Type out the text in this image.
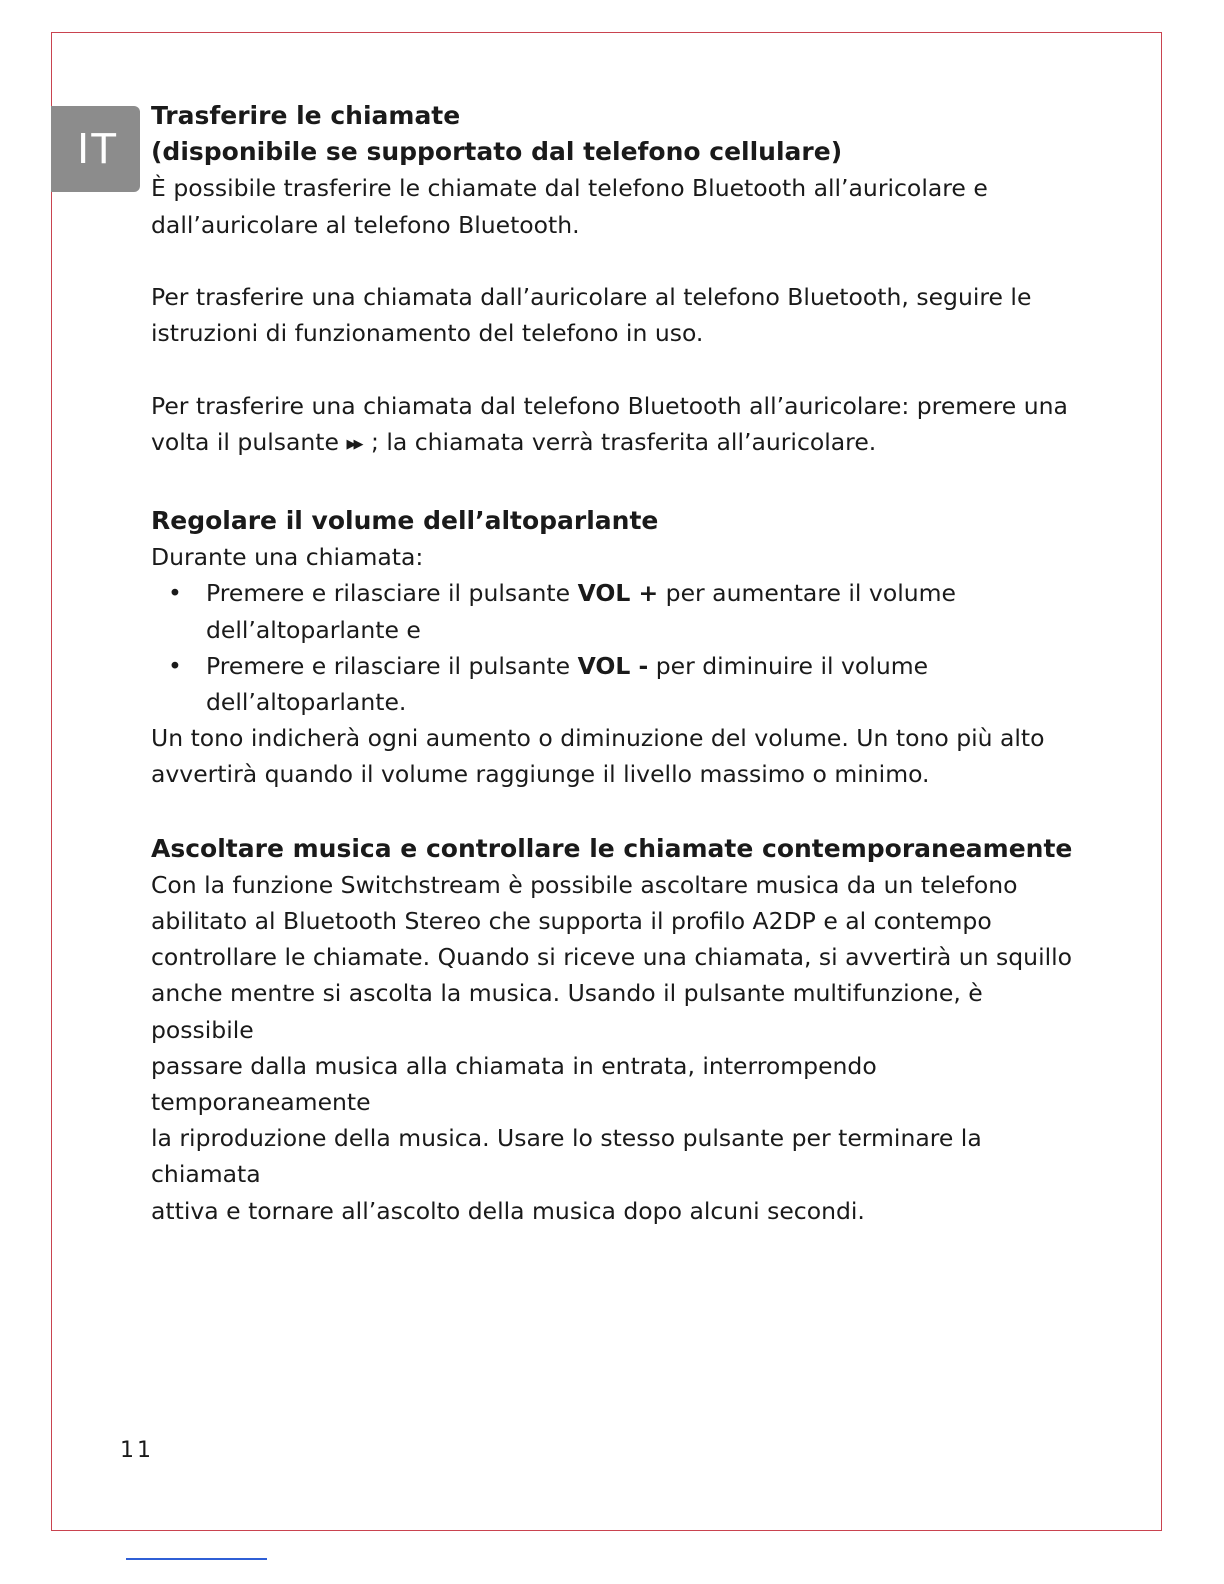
IT

Trasferire le chiamate

(disponibile se supportato dal telefono cellulare)

È possibile trasferire le chiamate dal telefono Bluetooth all’auricolare e

dall’auricolare al telefono Bluetooth.

Per trasferire una chiamata dall’auricolare al telefono Bluetooth, seguire le

istruzioni di funzionamento del telefono in uso.

Per trasferire una chiamata dal telefono Bluetooth all’auricolare: premere una

volta il pulsante ▶▶ ; la chiamata verrà trasferita all’auricolare.

Regolare il volume dell’altoparlante

Durante una chiamata:

• Premere e rilasciare il pulsante VOL + per aumentare il volume
dell’altoparlante e
• Premere e rilasciare il pulsante VOL - per diminuire il volume
dell’altoparlante.

Un tono indicherà ogni aumento o diminuzione del volume. Un tono più alto

avvertirà quando il volume raggiunge il livello massimo o minimo.

Ascoltare musica e controllare le chiamate contemporaneamente

Con la funzione Switchstream è possibile ascoltare musica da un telefono

abilitato al Bluetooth Stereo che supporta il profilo A2DP e al contempo

controllare le chiamate. Quando si riceve una chiamata, si avvertirà un squillo

anche mentre si ascolta la musica. Usando il pulsante multifunzione, è possibile

passare dalla musica alla chiamata in entrata, interrompendo temporaneamente

la riproduzione della musica. Usare lo stesso pulsante per terminare la chiamata

attiva e tornare all’ascolto della musica dopo alcuni secondi.

11
